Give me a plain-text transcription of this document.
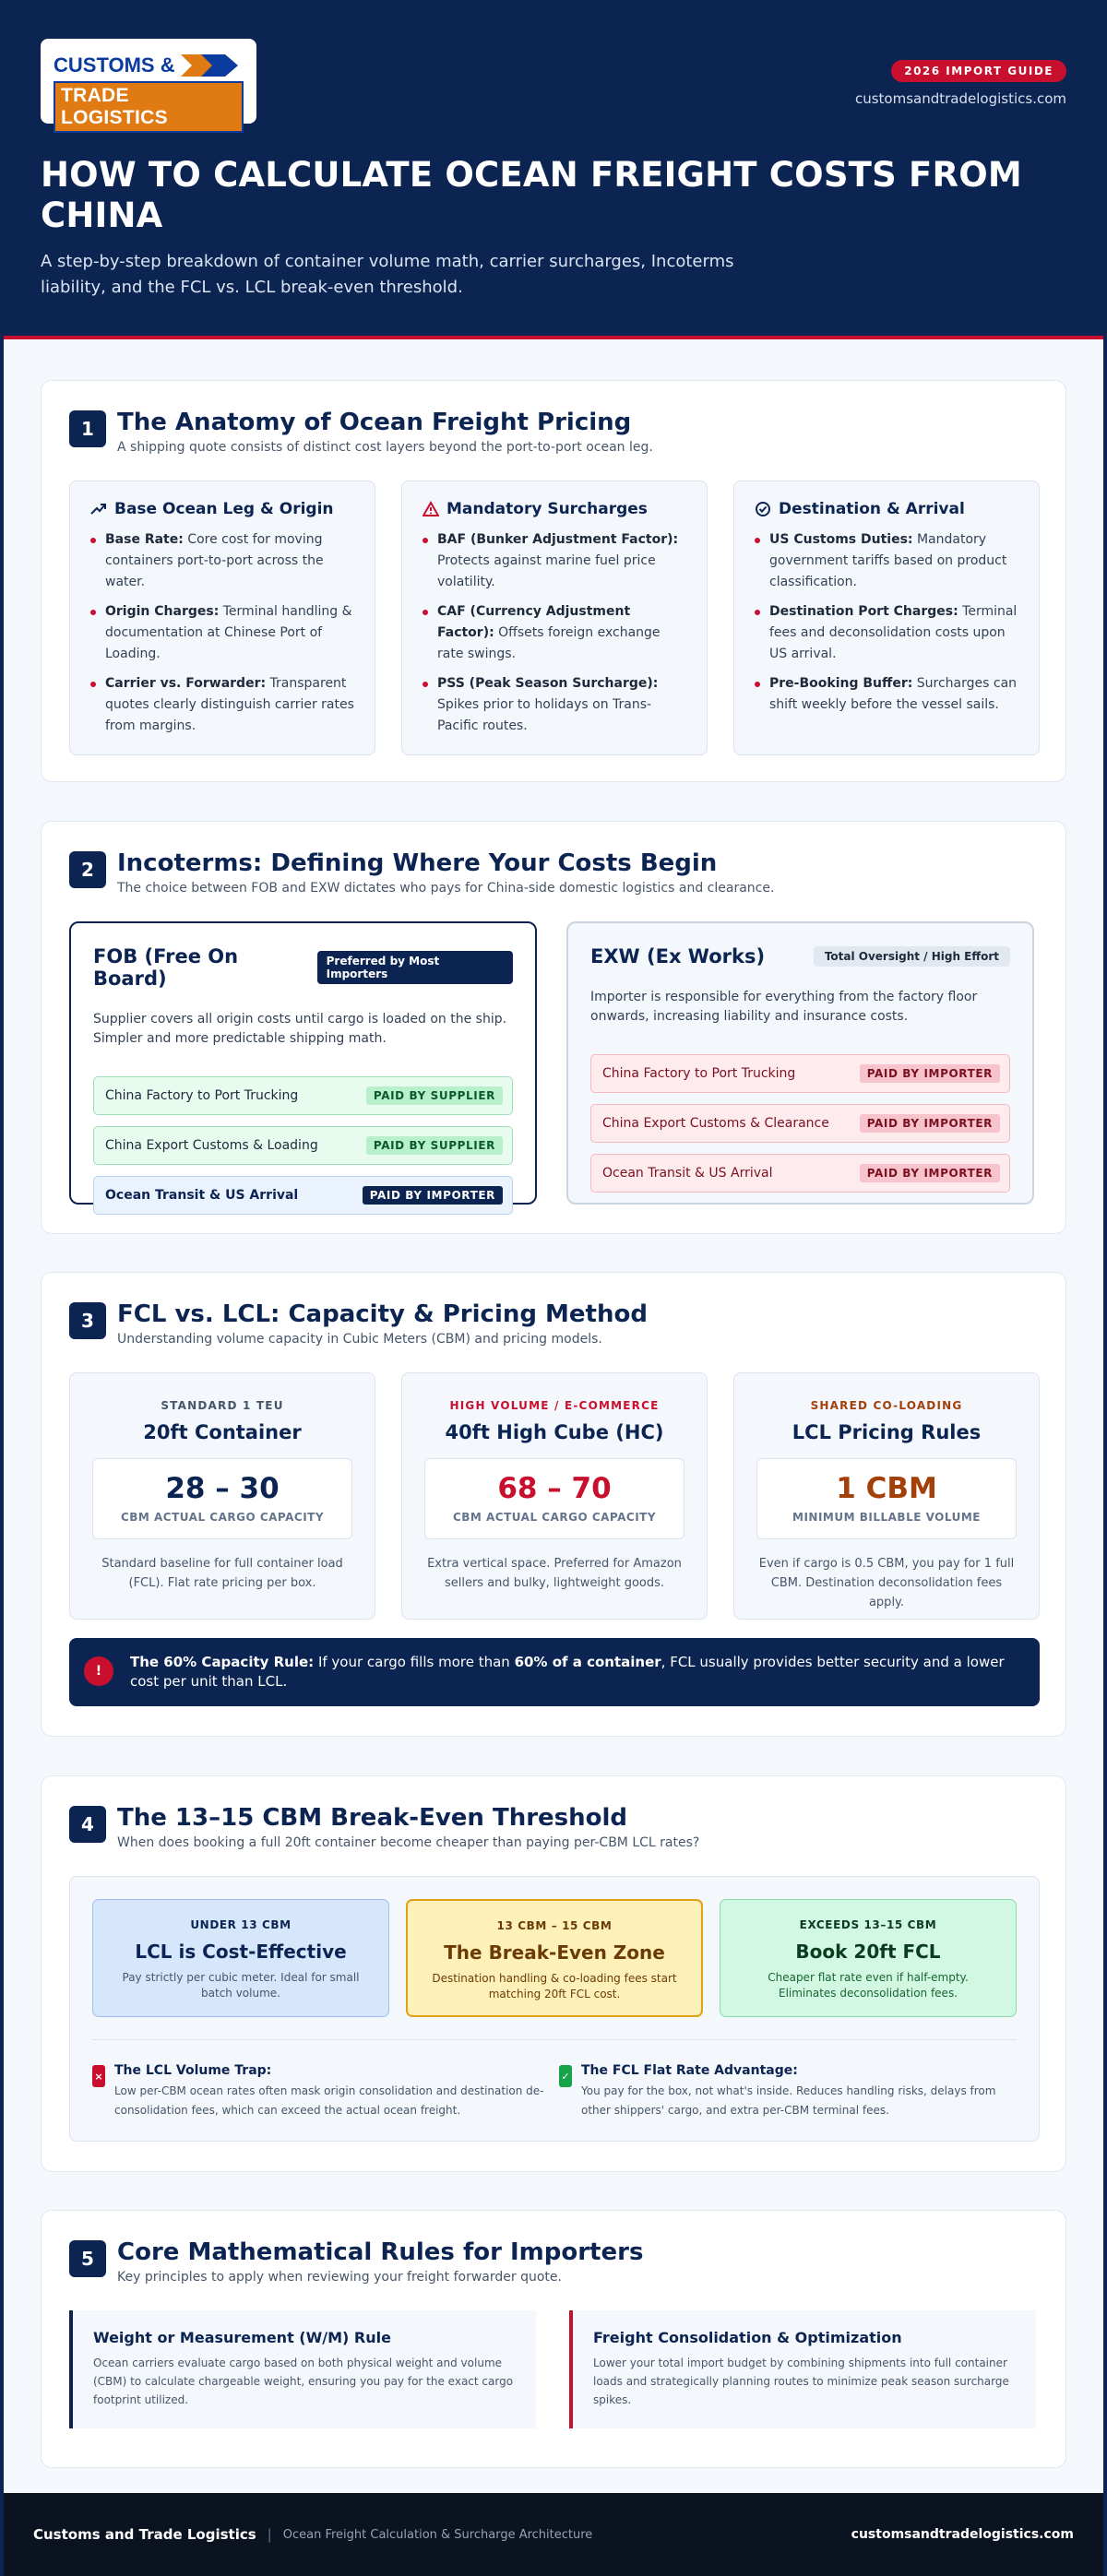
CUSTOMS &
TRADE LOGISTICS
2026 IMPORT GUIDE
customsandtradelogistics.com
HOW TO CALCULATE OCEAN FREIGHT COSTS FROM CHINA
A step-by-step breakdown of container volume math, carrier surcharges, Incoterms liability, and the FCL vs. LCL break-even threshold.
1 The Anatomy of Ocean Freight Pricing
A shipping quote consists of distinct cost layers beyond the port-to-port ocean leg.
Base Ocean Leg & Origin
Base Rate: Core cost for moving containers port-to-port across the water.
Origin Charges: Terminal handling & documentation at Chinese Port of Loading.
Carrier vs. Forwarder: Transparent quotes clearly distinguish carrier rates from margins.
Mandatory Surcharges
BAF (Bunker Adjustment Factor): Protects against marine fuel price volatility.
CAF (Currency Adjustment Factor): Offsets foreign exchange rate swings.
PSS (Peak Season Surcharge): Spikes prior to holidays on Trans-Pacific routes.
Destination & Arrival
US Customs Duties: Mandatory government tariffs based on product classification.
Destination Port Charges: Terminal fees and deconsolidation costs upon US arrival.
Pre-Booking Buffer: Surcharges can shift weekly before the vessel sails.
2 Incoterms: Defining Where Your Costs Begin
The choice between FOB and EXW dictates who pays for China-side domestic logistics and clearance.
FOB (Free On Board)
Preferred by Most Importers
Supplier covers all origin costs until cargo is loaded on the ship. Simpler and more predictable shipping math.
China Factory to Port Trucking	PAID BY SUPPLIER
China Export Customs & Loading	PAID BY SUPPLIER
Ocean Transit & US Arrival	PAID BY IMPORTER
EXW (Ex Works)	Total Oversight / High Effort
Importer is responsible for everything from the factory floor onwards, increasing liability and insurance costs.
China Factory to Port Trucking	PAID BY IMPORTER
China Export Customs & Clearance	PAID BY IMPORTER
Ocean Transit & US Arrival	PAID BY IMPORTER
3 FCL vs. LCL: Capacity & Pricing Method
Understanding volume capacity in Cubic Meters (CBM) and pricing models.
STANDARD 1 TEU
20ft Container
28 – 30
CBM ACTUAL CARGO CAPACITY
Standard baseline for full container load (FCL). Flat rate pricing per box.
HIGH VOLUME / E-COMMERCE
40ft High Cube (HC)
68 – 70
CBM ACTUAL CARGO CAPACITY
Extra vertical space. Preferred for Amazon sellers and bulky, lightweight goods.
SHARED CO-LOADING
LCL Pricing Rules
1 CBM
MINIMUM BILLABLE VOLUME
Even if cargo is 0.5 CBM, you pay for 1 full CBM. Destination deconsolidation fees apply.
!
The 60% Capacity Rule: If your cargo fills more than 60% of a container, FCL usually provides better security and a lower cost per unit than LCL.
4 The 13–15 CBM Break-Even Threshold
When does booking a full 20ft container become cheaper than paying per-CBM LCL rates?
UNDER 13 CBM
LCL is Cost-Effective
Pay strictly per cubic meter. Ideal for small batch volume.
13 CBM – 15 CBM
The Break-Even Zone
Destination handling & co-loading fees start matching 20ft FCL cost.
EXCEEDS 13–15 CBM
Book 20ft FCL
Cheaper flat rate even if half-empty. Eliminates deconsolidation fees.
× The LCL Volume Trap:
Low per-CBM ocean rates often mask origin consolidation and destination de-consolidation fees, which can exceed the actual ocean freight.
✓ The FCL Flat Rate Advantage:
You pay for the box, not what's inside. Reduces handling risks, delays from other shippers' cargo, and extra per-CBM terminal fees.
5 Core Mathematical Rules for Importers
Key principles to apply when reviewing your freight forwarder quote.
Weight or Measurement (W/M) Rule
Ocean carriers evaluate cargo based on both physical weight and volume (CBM) to calculate chargeable weight, ensuring you pay for the exact cargo footprint utilized.
Freight Consolidation & Optimization
Lower your total import budget by combining shipments into full container loads and strategically planning routes to minimize peak season surcharge spikes.
Customs and Trade Logistics | Ocean Freight Calculation & Surcharge Architecture	customsandtradelogistics.com
